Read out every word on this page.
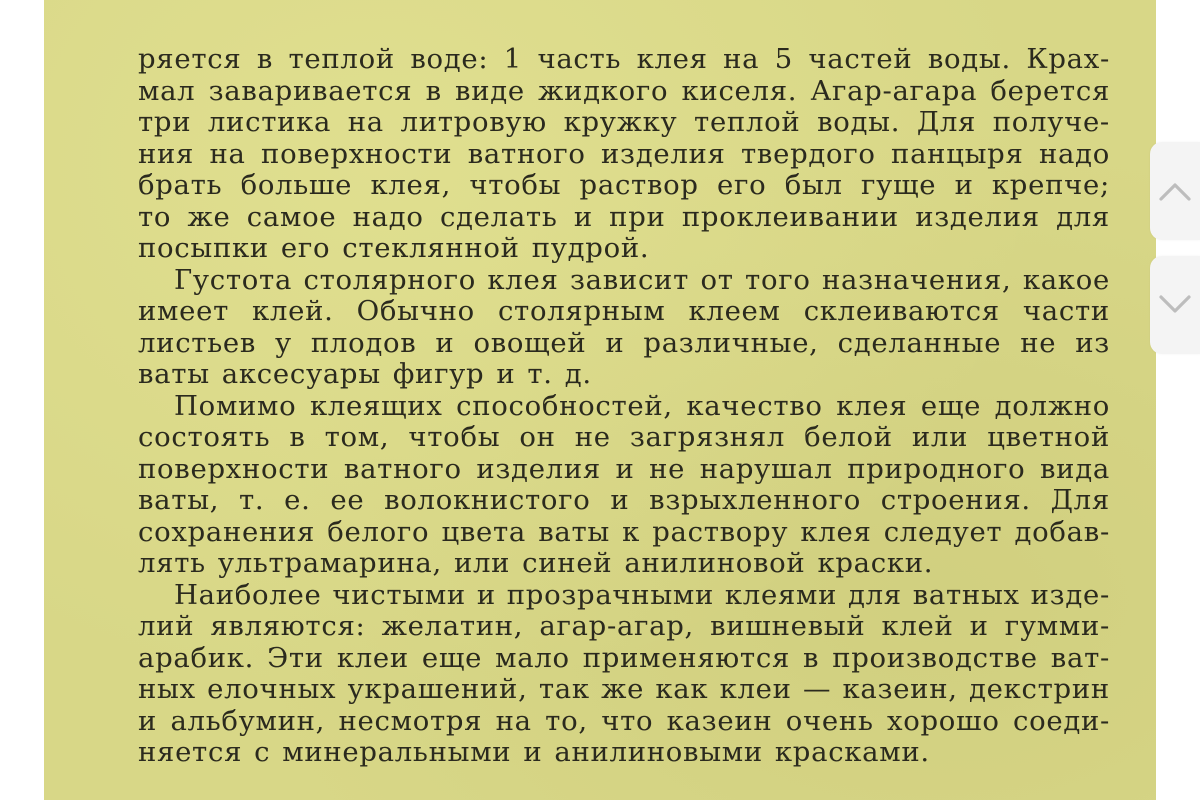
ряется в теплой воде: 1 часть клея на 5 частей воды. Крах-
мал заваривается в виде жидкого киселя. Агар-агара берется
три листика на литровую кружку теплой воды. Для получе-
ния на поверхности ватного изделия твердого панцыря надо
брать больше клея, чтобы раствор его был гуще и крепче;
то же самое надо сделать и при проклеивании изделия для
посыпки его стеклянной пудрой.
Густота столярного клея зависит от того назначения, какое
имеет клей. Обычно столярным клеем склеиваются части
листьев у плодов и овощей и различные, сделанные не из
ваты аксесуары фигур и т. д.
Помимо клеящих способностей, качество клея еще должно
состоять в том, чтобы он не загрязнял белой или цветной
поверхности ватного изделия и не нарушал природного вида
ваты, т. е. ее волокнистого и взрыхленного строения. Для
сохранения белого цвета ваты к раствору клея следует добав-
лять ультрамарина, или синей анилиновой краски.
Наиболее чистыми и прозрачными клеями для ватных изде-
лий являются: желатин, агар-агар, вишневый клей и гумми-
арабик. Эти клеи еще мало применяются в производстве ват-
ных елочных украшений, так же как клеи — казеин, декстрин
и альбумин, несмотря на то, что казеин очень хорошо соеди-
няется с минеральными и анилиновыми красками.
